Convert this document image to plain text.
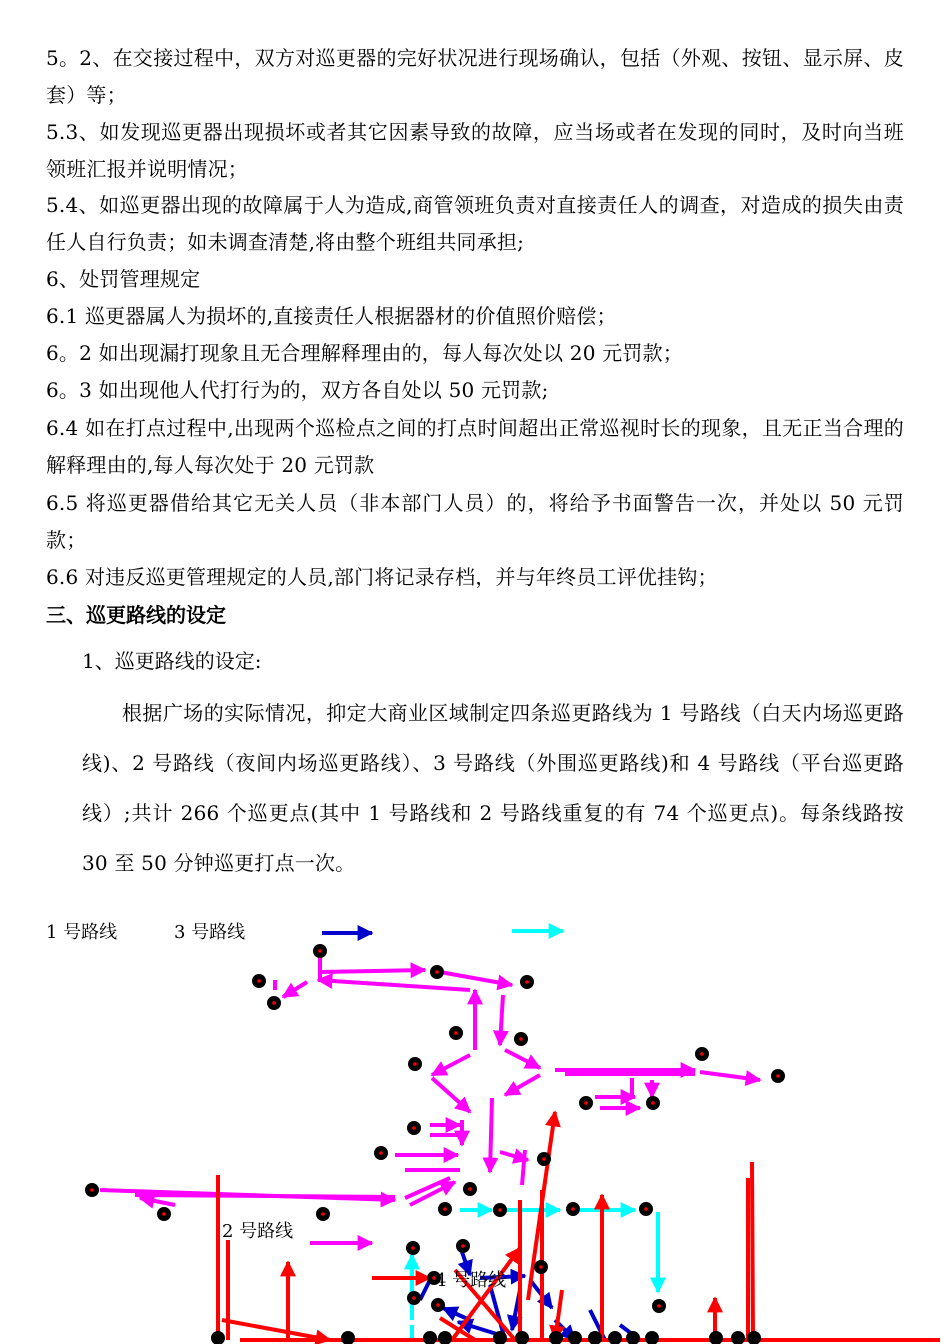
5。2、在交接过程中，双方对巡更器的完好状况进行现场确认，包括（外观、按钮、显示屏、皮套）等；
5.3、如发现巡更器出现损坏或者其它因素导致的故障，应当场或者在发现的同时，及时向当班领班汇报并说明情况；
5.4、如巡更器出现的故障属于人为造成,商管领班负责对直接责任人的调查，对造成的损失由责任人自行负责；如未调查清楚,将由整个班组共同承担;
6、处罚管理规定
6.1 巡更器属人为损坏的,直接责任人根据器材的价值照价赔偿；
6。2 如出现漏打现象且无合理解释理由的，每人每次处以 20 元罚款；
6。3 如出现他人代打行为的，双方各自处以 50 元罚款;
6.4 如在打点过程中,出现两个巡检点之间的打点时间超出正常巡视时长的现象，且无正当合理的解释理由的,每人每次处于 20 元罚款
6.5 将巡更器借给其它无关人员（非本部门人员）的，将给予书面警告一次，并处以 50 元罚款；
6.6 对违反巡更管理规定的人员,部门将记录存档，并与年终员工评优挂钩；
三、巡更路线的设定
1、巡更路线的设定:
根据广场的实际情况，抑定大商业区域制定四条巡更路线为 1 号路线（白天内场巡更路线)、2 号路线（夜间内场巡更路线）、3 号路线（外围巡更路线)和 4 号路线（平台巡更路线）;共计 266 个巡更点(其中 1 号路线和 2 号路线重复的有 74 个巡更点)。每条线路按 30 至 50 分钟巡更打点一次。
1 号路线	3 号路线
2 号路线
4 号路线
